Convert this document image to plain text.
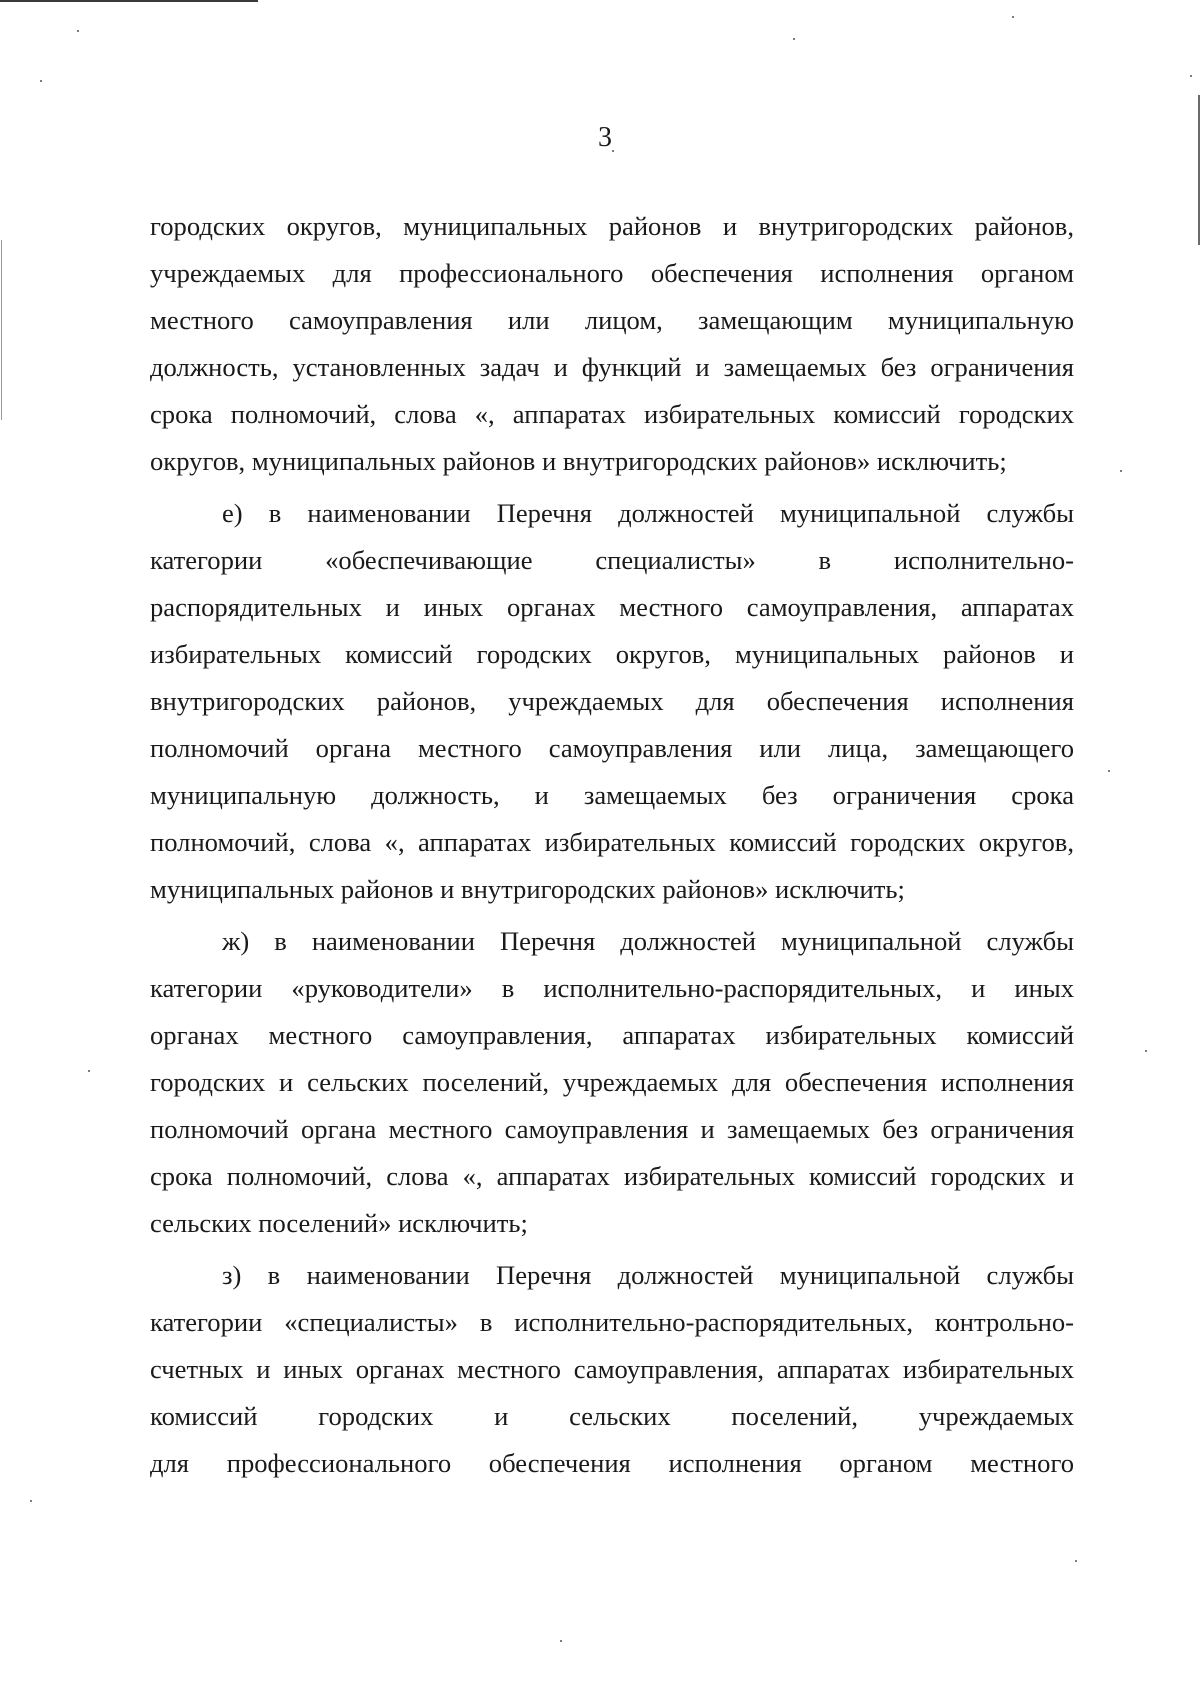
3
городских округов, муниципальных районов и внутригородских районов,
учреждаемых для профессионального обеспечения исполнения органом
местного самоуправления или лицом, замещающим муниципальную
должность, установленных задач и функций и замещаемых без ограничения
срока полномочий, слова «, аппаратах избирательных комиссий городских
округов, муниципальных районов и внутригородских районов» исключить;
е) в наименовании Перечня должностей муниципальной службы
категории «обеспечивающие специалисты» в исполнительно-
распорядительных и иных органах местного самоуправления, аппаратах
избирательных комиссий городских округов, муниципальных районов и
внутригородских районов, учреждаемых для обеспечения исполнения
полномочий органа местного самоуправления или лица, замещающего
муниципальную должность, и замещаемых без ограничения срока
полномочий, слова «, аппаратах избирательных комиссий городских округов,
муниципальных районов и внутригородских районов» исключить;
ж) в наименовании Перечня должностей муниципальной службы
категории «руководители» в исполнительно-распорядительных, и иных
органах местного самоуправления, аппаратах избирательных комиссий
городских и сельских поселений, учреждаемых для обеспечения исполнения
полномочий органа местного самоуправления и замещаемых без ограничения
срока полномочий, слова «, аппаратах избирательных комиссий городских и
сельских поселений» исключить;
з) в наименовании Перечня должностей муниципальной службы
категории «специалисты» в исполнительно-распорядительных, контрольно-
счетных и иных органах местного самоуправления, аппаратах избирательных
комиссий городских и сельских поселений, учреждаемых
для профессионального обеспечения исполнения органом местного
